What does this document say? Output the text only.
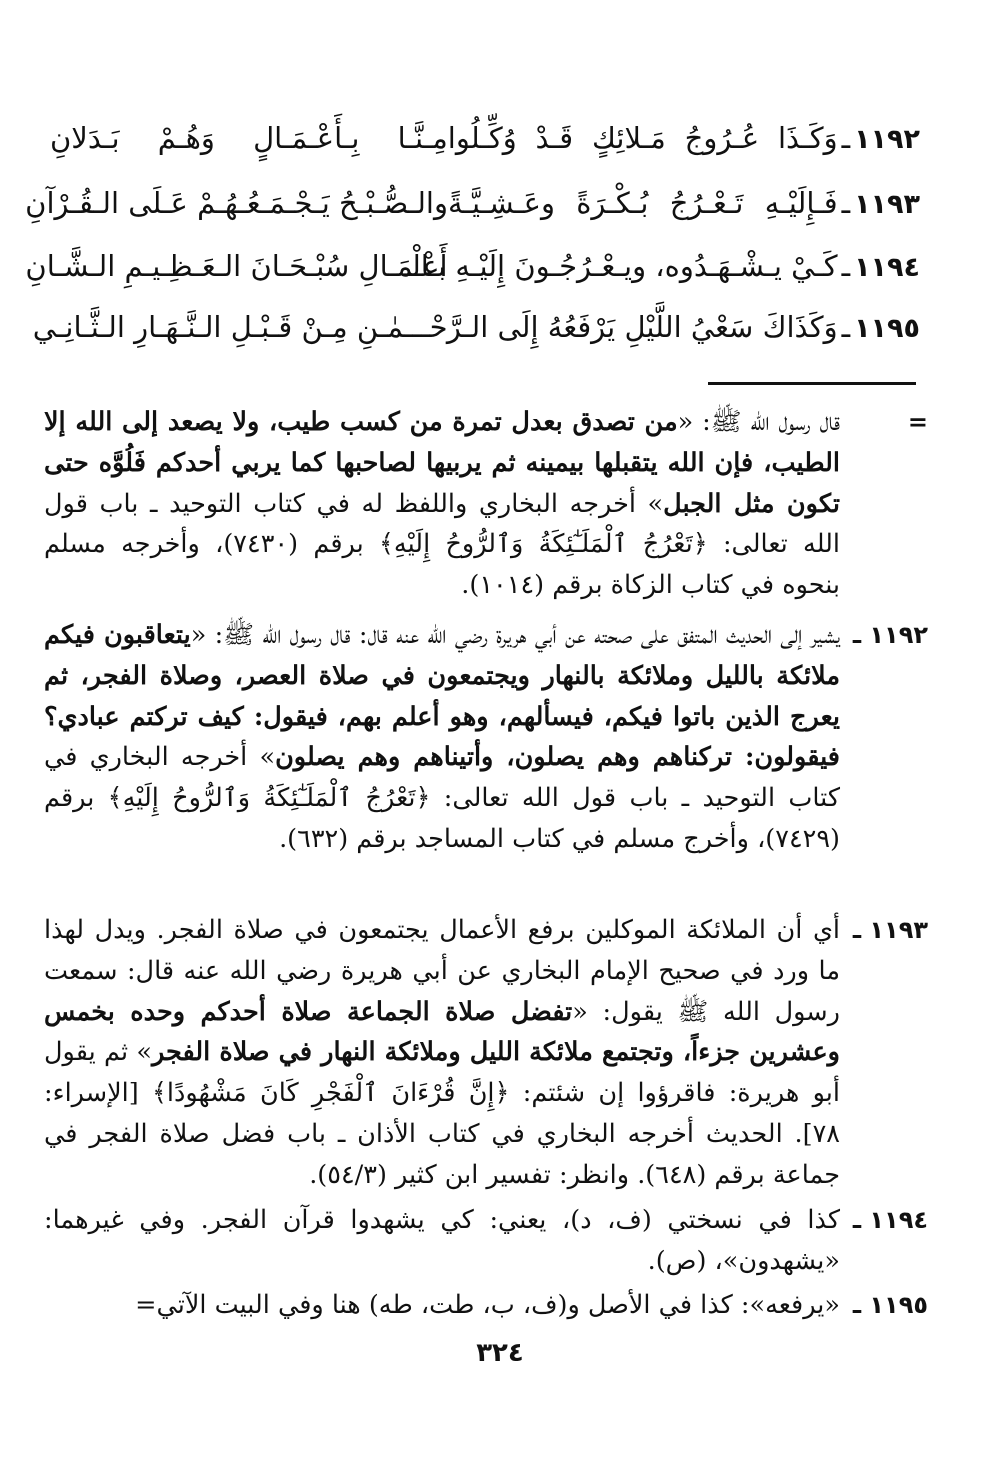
١١٩٢
ـ
وَكَـذَا عُـرُوجُ مَـلائِكٍ قَـدْ وُكِّـلُوا
مِـنَّـا بِـأَعْـمَـالٍ وَهُـمْ بَـدَلانِ
١١٩٣
ـ
فَـإِلَيْـهِ تَـعْـرُجُ بُـكْـرَةً وعَـشِـيَّـةً
والـصُّـبْـحُ يَـجْـمَـعُـهُـمْ عَـلَى الـقُـرْآنِ
١١٩٤
ـ
كَـيْ يـشْـهَـدُوه، ويـعْـرُجُـونَ إِلَيْـهِ بـالْـ
أَعْـمَـالِ سُبْـحَـانَ الـعَـظِـيـمِ الـشَّـانِ
١١٩٥
ـ
وَكَذَاكَ سَعْيُ اللَّيْلِ يَرْفَعُهُ إِلَى الـرَّ
حْـــمٰـنِ مِـنْ قَـبْـلِ الـنَّـهَـارِ الـثَّـانِـي
=
قال رسول الله ﷺ: «من تصدق بعدل تمرة من كسب طيب، ولا يصعد إلى الله إلا الطيب، فإن الله يتقبلها بيمينه ثم يربيها لصاحبها كما يربي أحدكم فَلُوَّه حتى تكون مثل الجبل» أخرجه البخاري واللفظ له في كتاب التوحيد ـ باب قول الله تعالى: ﴿تَعْرُجُ ٱلْمَلَـٰٓئِكَةُ وَٱلرُّوحُ إِلَيْهِ﴾ برقم (٧٤٣٠)، وأخرجه مسلم بنحوه في كتاب الزكاة برقم (١٠١٤).
١١٩٢ ـ
يشير إلى الحديث المتفق على صحته عن أبي هريرة رضي الله عنه قال: قال رسول الله ﷺ: «يتعاقبون فيكم ملائكة بالليل وملائكة بالنهار ويجتمعون في صلاة العصر، وصلاة الفجر، ثم يعرج الذين باتوا فيكم، فيسألهم، وهو أعلم بهم، فيقول: كيف تركتم عبادي؟ فيقولون: تركناهم وهم يصلون، وأتيناهم وهم يصلون» أخرجه البخاري في كتاب التوحيد ـ باب قول الله تعالى: ﴿تَعْرُجُ ٱلْمَلَـٰٓئِكَةُ وَٱلرُّوحُ إِلَيْهِ﴾ برقم (٧٤٢٩)، وأخرج مسلم في كتاب المساجد برقم (٦٣٢).
١١٩٣ ـ
أي أن الملائكة الموكلين برفع الأعمال يجتمعون في صلاة الفجر. ويدل لهذا ما ورد في صحيح الإمام البخاري عن أبي هريرة رضي الله عنه قال: سمعت رسول الله ﷺ يقول: «تفضل صلاة الجماعة صلاة أحدكم وحده بخمس وعشرين جزءاً، وتجتمع ملائكة الليل وملائكة النهار في صلاة الفجر» ثم يقول أبو هريرة: فاقرؤوا إن شئتم: ﴿إِنَّ قُرْءَانَ ٱلْفَجْرِ كَانَ مَشْهُودًا﴾ [الإسراء: ٧٨]. الحديث أخرجه البخاري في كتاب الأذان ـ باب فضل صلاة الفجر في جماعة برقم (٦٤٨). وانظر: تفسير ابن كثير (٥٤/٣).
١١٩٤ ـ
كذا في نسختي (ف، د)، يعني: كي يشهدوا قرآن الفجر. وفي غيرهما: «يشهدون»، (ص).
١١٩٥ ـ
«يرفعه»: كذا في الأصل و(ف، ب، طت، طه) هنا وفي البيت الآتي=
٣٢٤
